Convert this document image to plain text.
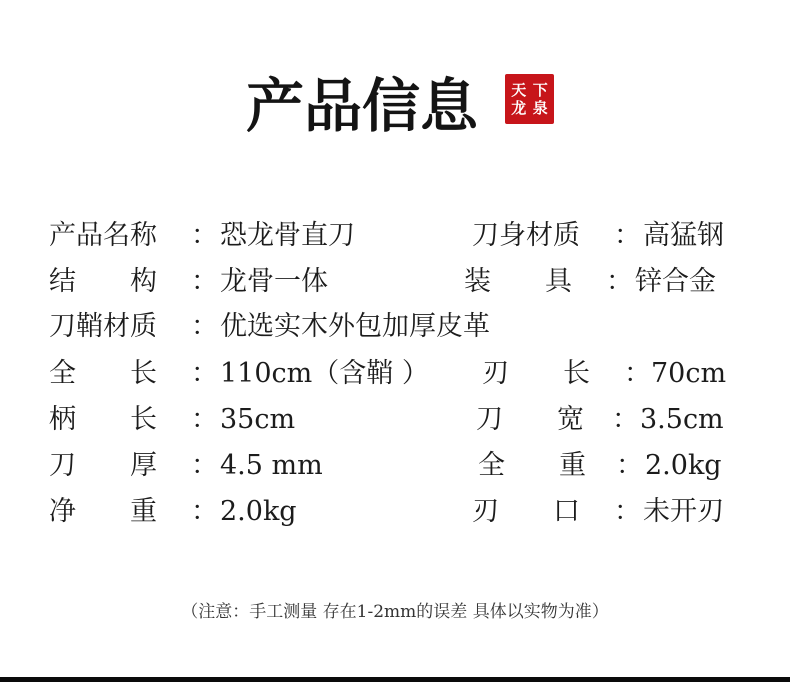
产品信息	天 下
龙 泉
产品名称 ： 恐龙骨直刀	刀身材质 ： 高猛钢
结　　构 ： 龙骨一体	装　　具 ： 锌合金
刀鞘材质 ： 优选实木外包加厚皮革
全　　长 ： 110cm（含鞘 ） 刃　　长 ： 70cm
柄　　长 ： 35cm	刀　　宽 ： 3.5cm
刀　　厚 ： 4.5 mm	全　　重 ： 2.0kg
净　　重 ： 2.0kg	刃　　口 ： 未开刃
（注意：手工测量 存在1-2mm的误差 具体以实物为准）
